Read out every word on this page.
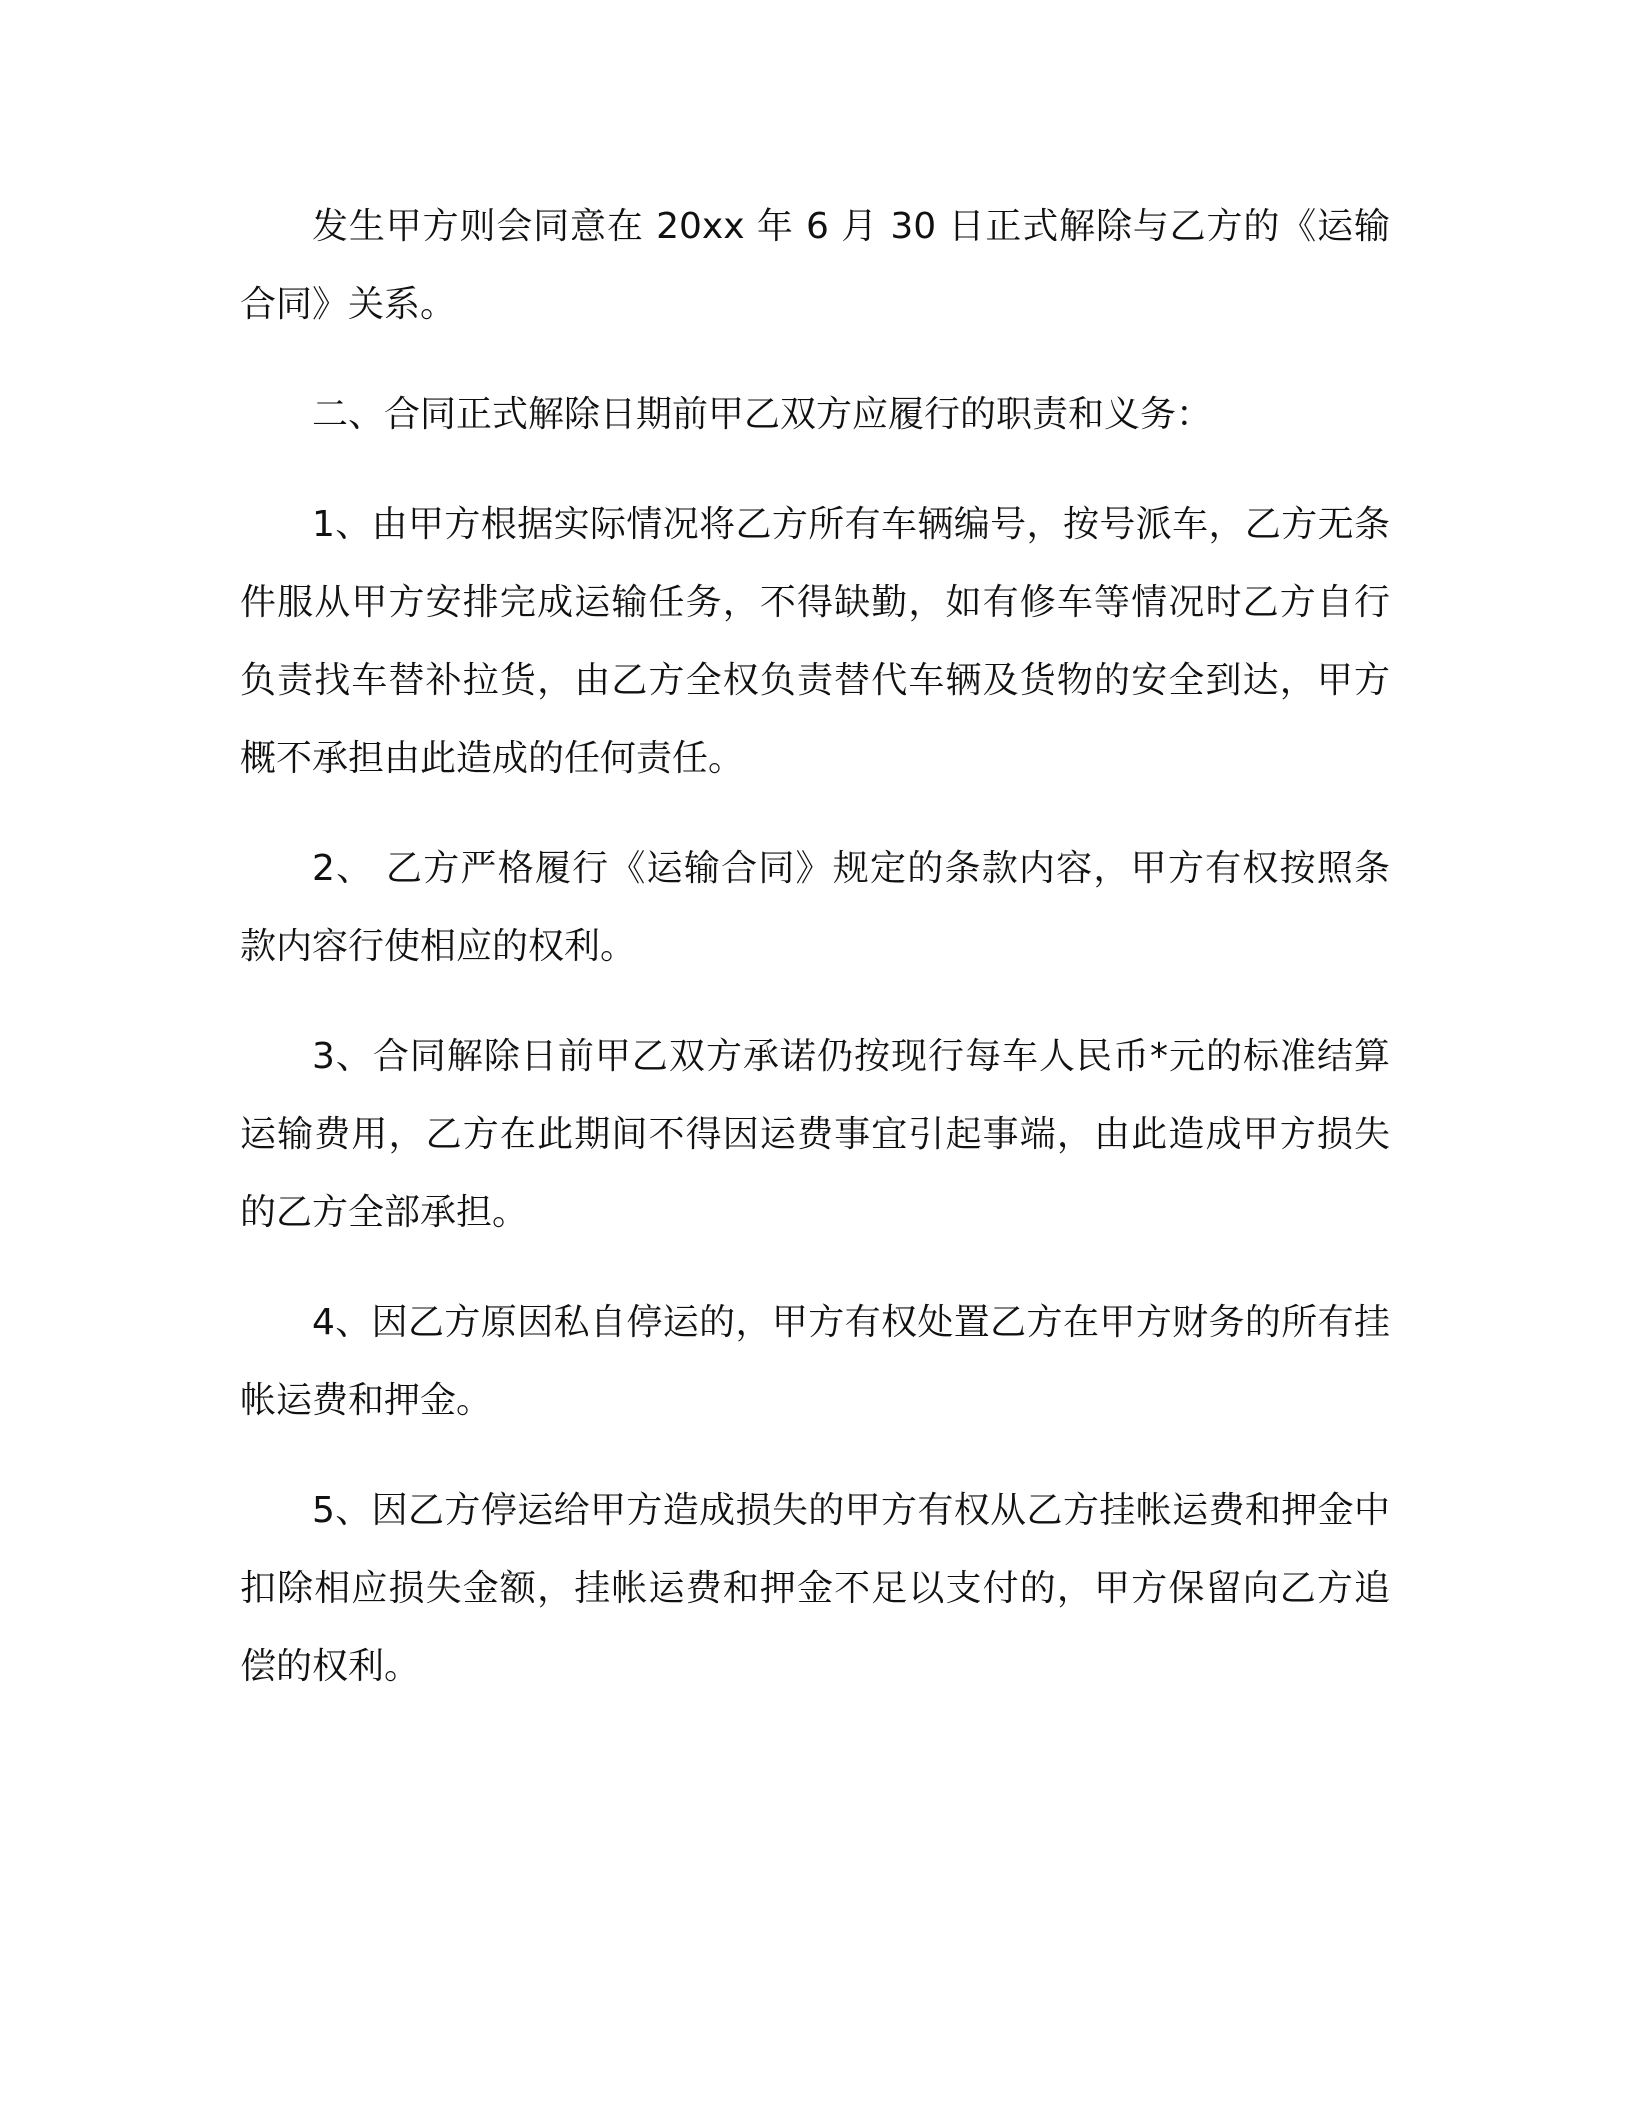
发生甲方则会同意在 20xx 年 6 月 30 日正式解除与乙方的《运输合同》关系。

二、合同正式解除日期前甲乙双方应履行的职责和义务：

1、由甲方根据实际情况将乙方所有车辆编号，按号派车，乙方无条件服从甲方安排完成运输任务，不得缺勤，如有修车等情况时乙方自行负责找车替补拉货，由乙方全权负责替代车辆及货物的安全到达，甲方概不承担由此造成的任何责任。

2、 乙方严格履行《运输合同》规定的条款内容，甲方有权按照条款内容行使相应的权利。

3、合同解除日前甲乙双方承诺仍按现行每车人民币*元的标准结算运输费用，乙方在此期间不得因运费事宜引起事端，由此造成甲方损失的乙方全部承担。

4、因乙方原因私自停运的，甲方有权处置乙方在甲方财务的所有挂帐运费和押金。

5、因乙方停运给甲方造成损失的甲方有权从乙方挂帐运费和押金中扣除相应损失金额，挂帐运费和押金不足以支付的，甲方保留向乙方追偿的权利。
